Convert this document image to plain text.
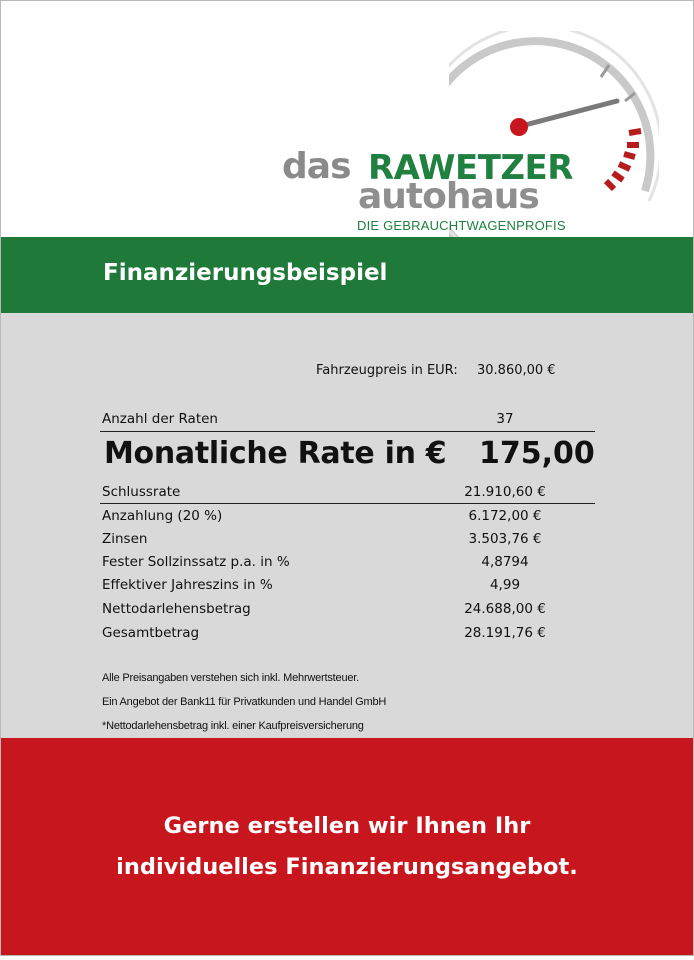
das RAWETZER
autohaus
DIE GEBRAUCHTWAGENPROFIS
Finanzierungsbeispiel
Fahrzeugpreis in EUR: 30.860,00 €
Anzahl der Raten	37
Monatliche Rate in € 175,00
Schlussrate	21.910,60 €
Anzahlung (20 %)	6.172,00 €
Zinsen	3.503,76 €
Fester Sollzinssatz p.a. in %	4,8794
Effektiver Jahreszins in %	4,99
Nettodarlehensbetrag	24.688,00 €
Gesamtbetrag	28.191,76 €
Alle Preisangaben verstehen sich inkl. Mehrwertsteuer.
Ein Angebot der Bank11 für Privatkunden und Handel GmbH
*Nettodarlehensbetrag inkl. einer Kaufpreisversicherung
Gerne erstellen wir Ihnen Ihr
individuelles Finanzierungsangebot.
